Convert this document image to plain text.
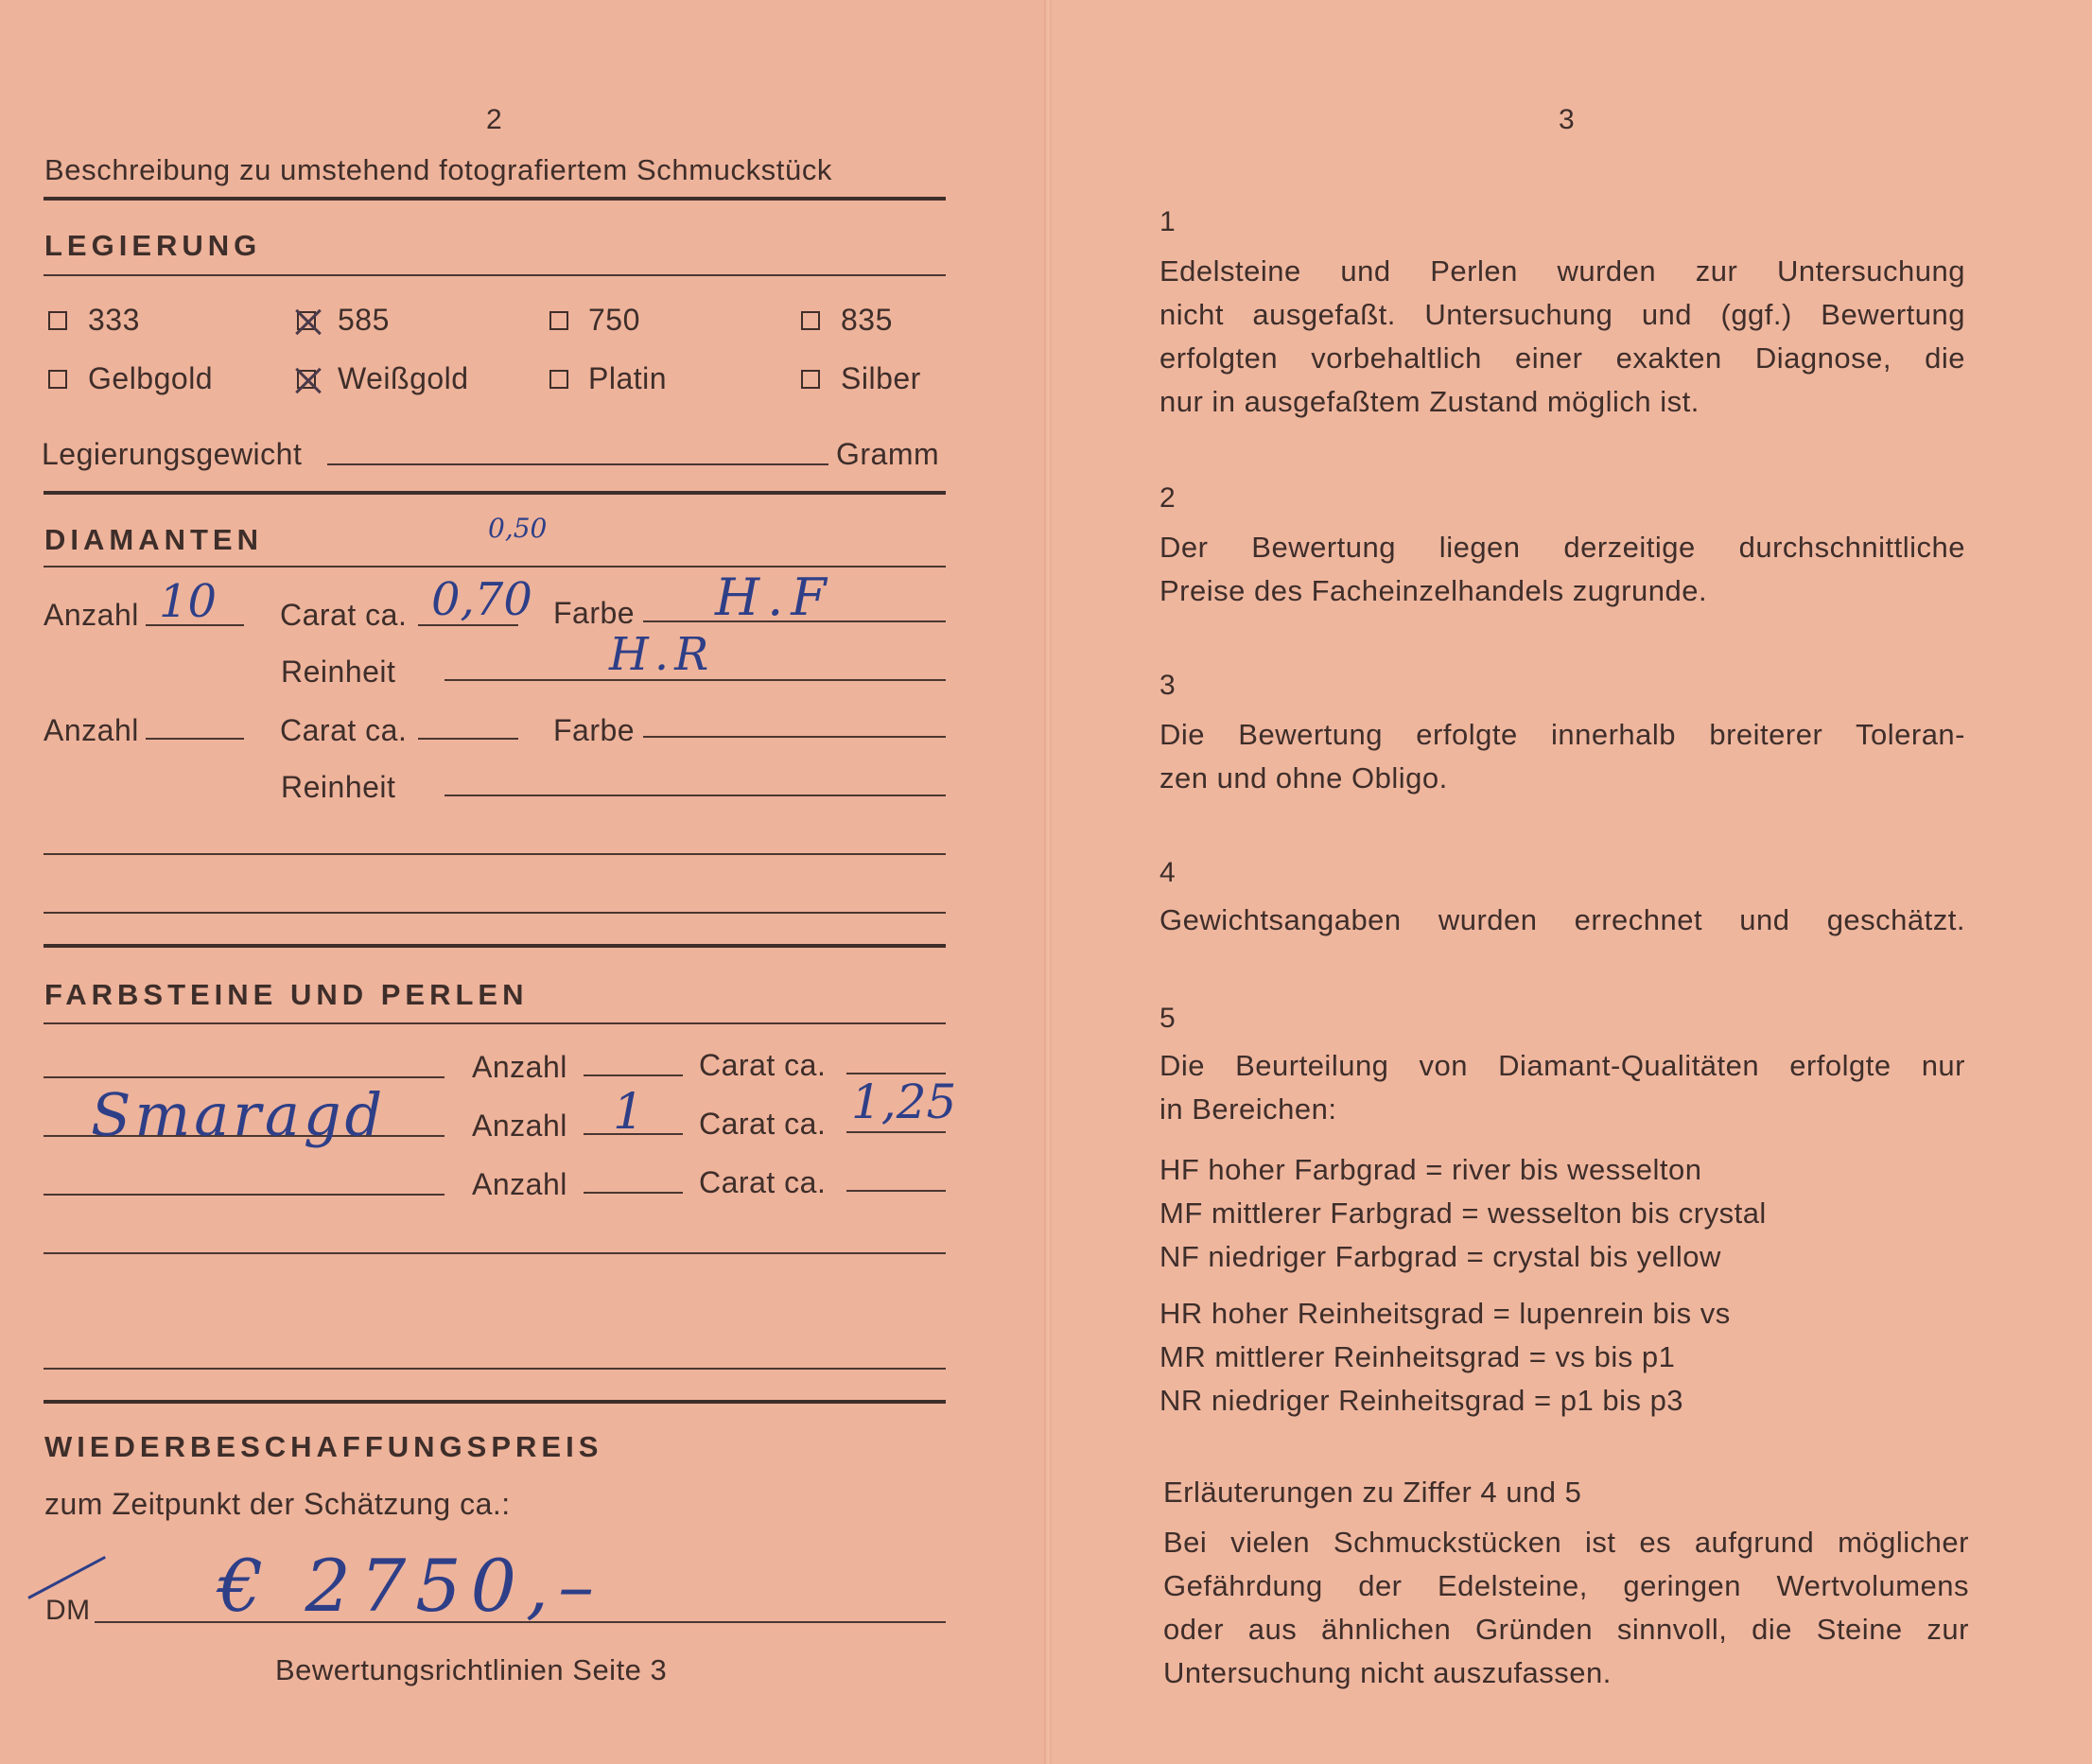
2
Beschreibung zu umstehend fotografiertem Schmuckstück
LEGIERUNG
333	585	750	835
Gelbgold	Weißgold	Platin	Silber
Legierungsgewicht	Gramm
DIAMANTEN	0,50
Anzahl 10 Carat ca. 0,70 Farbe H.F
Reinheit	H.R
Anzahl	Carat ca.	Farbe
Reinheit
FARBSTEINE UND PERLEN
Anzahl	Carat ca.
Smaragd	Anzahl 1 Carat ca. 1,25
Anzahl	Carat ca.
WIEDERBESCHAFFUNGSPREIS
zum Zeitpunkt der Schätzung ca.:
DM € 2750,–
Bewertungsrichtlinien Seite 3
3
1
Edelsteine und Perlen wurden zur Untersuchung
nicht ausgefaßt. Untersuchung und (ggf.) Bewertung
erfolgten vorbehaltlich einer exakten Diagnose, die
nur in ausgefaßtem Zustand möglich ist.
2
Der Bewertung liegen derzeitige durchschnittliche
Preise des Facheinzelhandels zugrunde.
3
Die Bewertung erfolgte innerhalb breiterer Toleran-
zen und ohne Obligo.
4
Gewichtsangaben wurden errechnet und geschätzt.
5
Die Beurteilung von Diamant-Qualitäten erfolgte nur
in Bereichen:
HF hoher Farbgrad = river bis wesselton
MF mittlerer Farbgrad = wesselton bis crystal
NF niedriger Farbgrad = crystal bis yellow
HR hoher Reinheitsgrad = lupenrein bis vs
MR mittlerer Reinheitsgrad = vs bis p1
NR niedriger Reinheitsgrad = p1 bis p3
Erläuterungen zu Ziffer 4 und 5
Bei vielen Schmuckstücken ist es aufgrund möglicher
Gefährdung der Edelsteine, geringen Wertvolumens
oder aus ähnlichen Gründen sinnvoll, die Steine zur
Untersuchung nicht auszufassen.
